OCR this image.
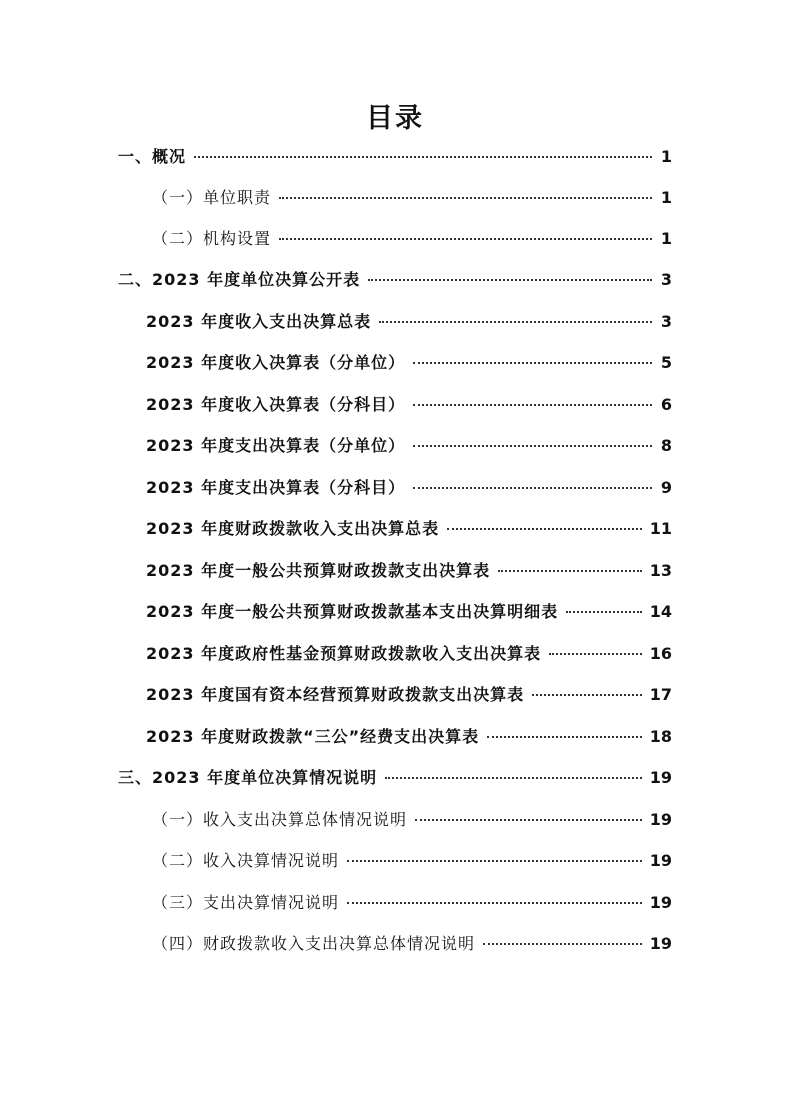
目录
一、概况	1
（一）单位职责	1
（二）机构设置	1
二、2023 年度单位决算公开表	3
2023 年度收入支出决算总表	3
2023 年度收入决算表（分单位）	5
2023 年度收入决算表（分科目）	6
2023 年度支出决算表（分单位）	8
2023 年度支出决算表（分科目）	9
2023 年度财政拨款收入支出决算总表	11
2023 年度一般公共预算财政拨款支出决算表	13
2023 年度一般公共预算财政拨款基本支出决算明细表	14
2023 年度政府性基金预算财政拨款收入支出决算表	16
2023 年度国有资本经营预算财政拨款支出决算表	17
2023 年度财政拨款“三公”经费支出决算表	18
三、2023 年度单位决算情况说明	19
（一）收入支出决算总体情况说明	19
（二）收入决算情况说明	19
（三）支出决算情况说明	19
（四）财政拨款收入支出决算总体情况说明	19
